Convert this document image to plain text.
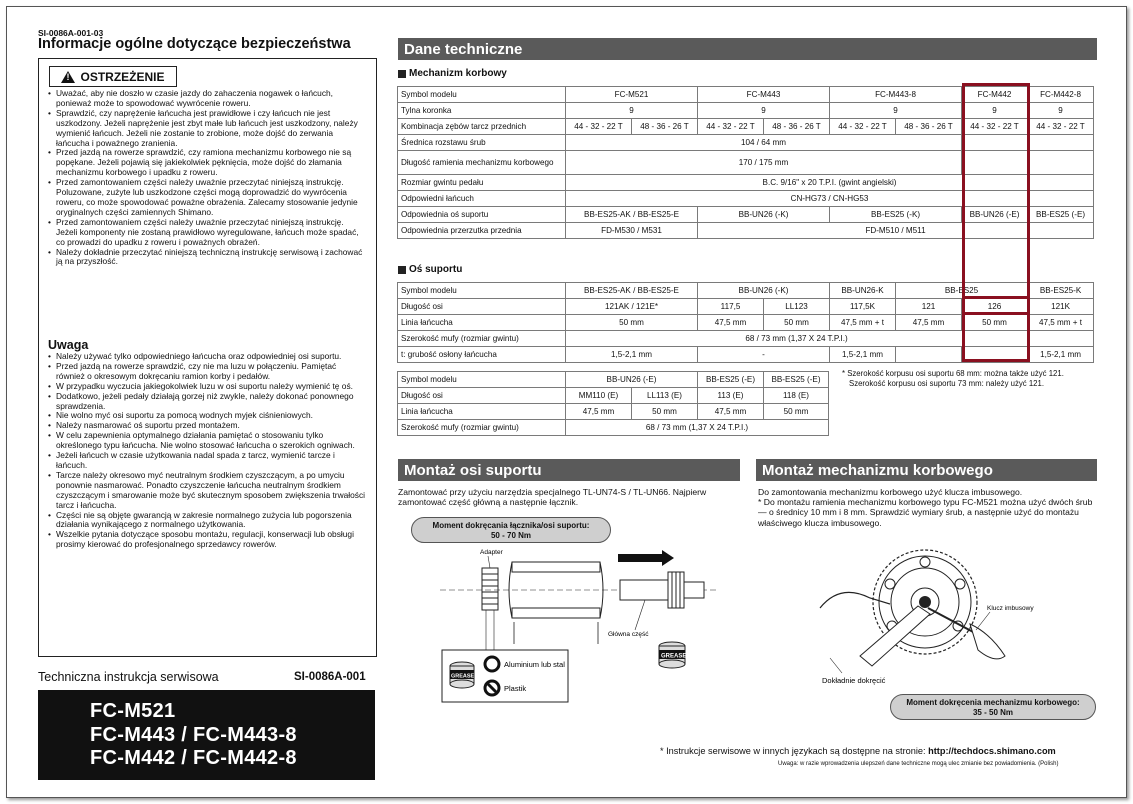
SI-0086A-001-03
Informacje ogólne dotyczące bezpieczeństwa
!
OSTRZEŻENIE
• Uważać, aby nie doszło w czasie jazdy do zahaczenia nogawek o łańcuch, ponieważ może to spowodować wywrócenie roweru.
• Sprawdzić, czy naprężenie łańcucha jest prawidłowe i czy łańcuch nie jest uszkodzony. Jeżeli naprężenie jest zbyt małe lub łańcuch jest uszkodzony, należy wymienić łańcuch. Jeżeli nie zostanie to zrobione, może dojść do zerwania łańcucha i poważnego zranienia.
• Przed jazdą na rowerze sprawdzić, czy ramiona mechanizmu korbowego nie są popękane. Jeżeli pojawią się jakiekolwiek pęknięcia, może dojść do złamania mechanizmu korbowego i upadku z roweru.
• Przed zamontowaniem części należy uważnie przeczytać niniejszą instrukcję. Poluzowane, zużyte lub uszkodzone części mogą doprowadzić do wywrócenia roweru, co może spowodować poważne obrażenia. Zalecamy stosowanie jedynie oryginalnych części zamiennych Shimano.
• Przed zamontowaniem części należy uważnie przeczytać niniejszą instrukcję. Jeżeli komponenty nie zostaną prawidłowo wyregulowane, łańcuch może spadać, co prowadzi do upadku z roweru i poważnych obrażeń.
• Należy dokładnie przeczytać niniejszą techniczną instrukcję serwisową i zachować ją na przyszłość.
Uwaga
• Należy używać tylko odpowiedniego łańcucha oraz odpowiedniej osi suportu.
• Przed jazdą na rowerze sprawdzić, czy nie ma luzu w połączeniu. Pamiętać również o okresowym dokręcaniu ramion korby i pedałów.
• W przypadku wyczucia jakiegokolwiek luzu w osi suportu należy wymienić tę oś.
• Dodatkowo, jeżeli pedały działają gorzej niż zwykle, należy dokonać ponownego sprawdzenia.
• Nie wolno myć osi suportu za pomocą wodnych myjek ciśnieniowych.
• Należy nasmarować oś suportu przed montażem.
• W celu zapewnienia optymalnego działania pamiętać o stosowaniu tylko określonego typu łańcucha. Nie wolno stosować łańcucha o szerokich ogniwach.
• Jeżeli łańcuch w czasie użytkowania nadal spada z tarcz, wymienić tarcze i łańcuch.
• Tarcze należy okresowo myć neutralnym środkiem czyszczącym, a po umyciu ponownie nasmarować. Ponadto czyszczenie łańcucha neutralnym środkiem czyszczącym i smarowanie może być skutecznym sposobem zwiększenia trwałości tarcz i łańcucha.
• Części nie są objęte gwarancją w zakresie normalnego zużycia lub pogorszenia działania wynikającego z normalnego użytkowania.
• Wszelkie pytania dotyczące sposobu montażu, regulacji, konserwacji lub obsługi prosimy kierować do profesjonalnego sprzedawcy rowerów.
Techniczna instrukcja serwisowa	SI-0086A-001
FC-M521
FC-M443 / FC-M443-8
FC-M442 / FC-M442-8
Dane techniczne
Mechanizm korbowy
Symbol modelu	FC-M521		FC-M443		FC-M443-8		FC-M442	FC-M442-8
Tylna koronka	9		9		9		9	9
Kombinacja zębów tarcz przednich	44 - 32 - 22 T	48 - 36 - 26 T	44 - 32 - 22 T	48 - 36 - 26 T	44 - 32 - 22 T	48 - 36 - 26 T	44 - 32 - 22 T	44 - 32 - 22 T
Średnica rozstawu śrub	104 / 64 mm							
Długość ramienia mechanizmu korbowego	170 / 175 mm							
Rozmiar gwintu pedału	B.C. 9/16" x 20 T.P.I. (gwint angielski)							
Odpowiedni łańcuch	CN-HG73 / CN-HG53							
Odpowiednia oś suportu	BB-ES25-AK / BB-ES25-E		BB-UN26 (-K)		BB-ES25 (-K)		BB-UN26 (-E)	BB-ES25 (-E)
Odpowiednia przerzutka przednia	FD-M530 / M531		FD-M510 / M511					
Oś suportu
Symbol modelu	BB-ES25-AK / BB-ES25-E	BB-UN26 (-K)		BB-UN26-K	BB-ES25		BB-ES25-K
Długość osi	121AK / 121E*	117,5	LL123	117,5K	121	126	121K
Linia łańcucha	50 mm	47,5 mm	50 mm	47,5 mm + t	47,5 mm	50 mm	47,5 mm + t
Szerokość mufy (rozmiar gwintu)	68 / 73 mm (1,37 X 24 T.P.I.)						
t: grubość osłony łańcucha	1,5-2,1 mm	-		1,5-2,1 mm			1,5-2,1 mm
Symbol modelu	BB-UN26 (-E)		BB-ES25 (-E)	BB-ES25 (-E)
Długość osi	MM110 (E)	LL113 (E)	113 (E)	118 (E)
Linia łańcucha	47,5 mm	50 mm	47,5 mm	50 mm
Szerokość mufy (rozmiar gwintu)	68 / 73 mm (1,37 X 24 T.P.I.)			
* Szerokość korpusu osi suportu 68 mm: można także użyć 121.
Szerokość korpusu osi suportu 73 mm: należy użyć 121.
Montaż osi suportu
Zamontować przy użyciu narzędzia specjalnego TL-UN74-S / TL-UN66. Najpierw zamontować część główną a następnie łącznik.
Moment dokręcania łącznika/osi suportu:
50 - 70 Nm
Adapter
Główna część
GREASE
GREASE
Aluminium lub stal
Plastik
Montaż mechanizmu korbowego
Do zamontowania mechanizmu korbowego użyć klucza imbusowego.
* Do montażu ramienia mechanizmu korbowego typu FC-M521 można użyć dwóch śrub — o średnicy 10 mm i 8 mm. Sprawdzić wymiary śrub, a następnie użyć do montażu właściwego klucza imbusowego.
Klucz imbusowy
Dokładnie dokręcić
Moment dokręcenia mechanizmu korbowego:
35 - 50 Nm
* Instrukcje serwisowe w innych językach są dostępne na stronie: http://techdocs.shimano.com
Uwaga: w razie wprowadzenia ulepszeń dane techniczne mogą ulec zmianie bez powiadomienia. (Polish)
